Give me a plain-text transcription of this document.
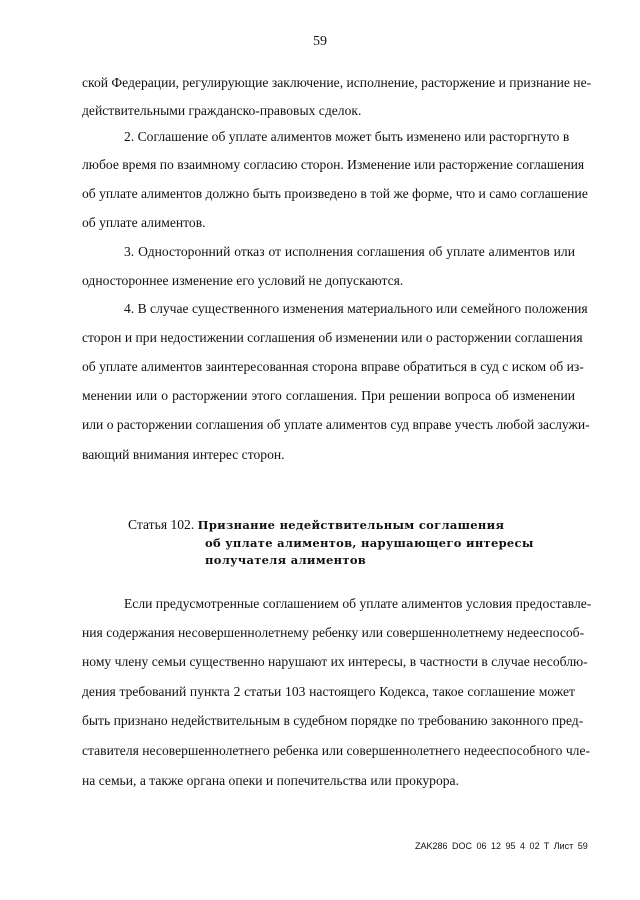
59
ской Федерации, регулирующие заключение, исполнение, расторжение и признание не-
действительными гражданско-правовых сделок.
2. Соглашение об уплате алиментов может быть изменено или расторгнуто в
любое время по взаимному согласию сторон. Изменение или расторжение соглашения
об уплате алиментов должно быть произведено в той же форме, что и само соглашение
об уплате алиментов.
3. Односторонний отказ от исполнения соглашения об уплате алиментов или
одностороннее изменение его условий не допускаются.
4. В случае существенного изменения материального или семейного положения
сторон и при недостижении соглашения об изменении или о расторжении соглашения
об уплате алиментов заинтересованная сторона вправе обратиться в суд с иском об из-
менении или о расторжении этого соглашения. При решении вопроса об изменении
или о расторжении соглашения об уплате алиментов суд вправе учесть любой заслужи-
вающий внимания интерес сторон.
Статья 102. Признание недействительным соглашения
об уплате алиментов, нарушающего интересы
получателя алиментов
Если предусмотренные соглашением об уплате алиментов условия предоставле-
ния содержания несовершеннолетнему ребенку или совершеннолетнему недееспособ-
ному члену семьи существенно нарушают их интересы, в частности в случае несоблю-
дения требований пункта 2 статьи 103 настоящего Кодекса, такое соглашение может
быть признано недействительным в судебном порядке по требованию законного пред-
ставителя несовершеннолетнего ребенка или совершеннолетнего недееспособного чле-
на семьи, а также органа опеки и попечительства или прокурора.
ZAK286 DOC 06 12 95 4 02 T Лист 59
